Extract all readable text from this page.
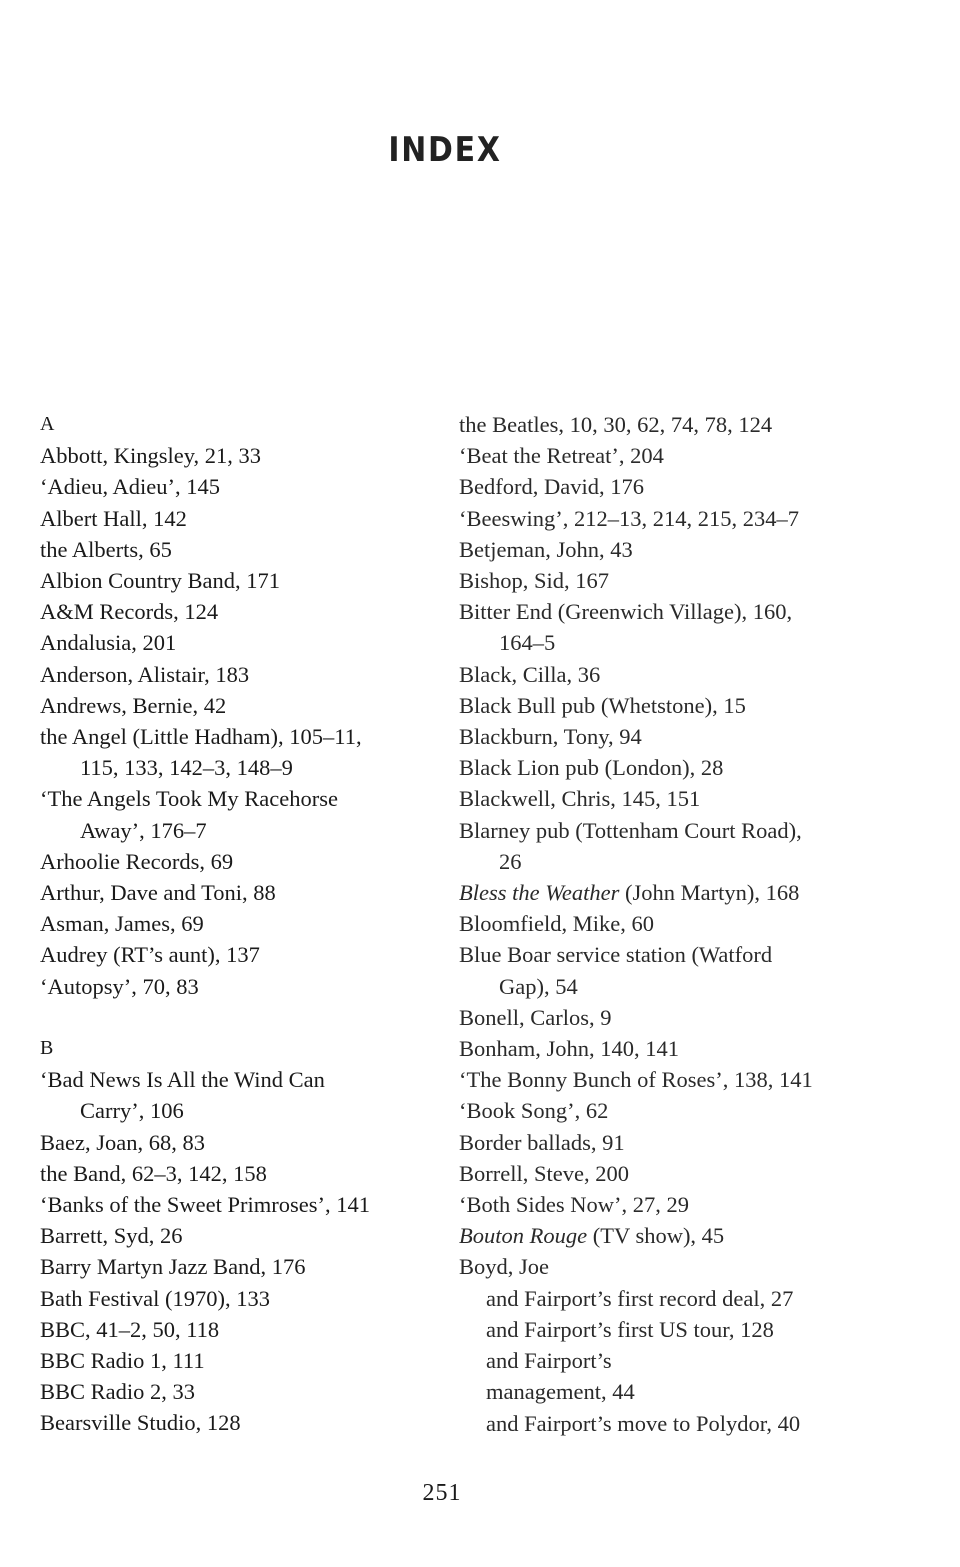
INDEX
A
Abbott, Kingsley, 21, 33
‘Adieu, Adieu’, 145
Albert Hall, 142
the Alberts, 65
Albion Country Band, 171
A&M Records, 124
Andalusia, 201
Anderson, Alistair, 183
Andrews, Bernie, 42
the Angel (Little Hadham), 105–11,
115, 133, 142–3, 148–9
‘The Angels Took My Racehorse
Away’, 176–7
Arhoolie Records, 69
Arthur, Dave and Toni, 88
Asman, James, 69
Audrey (RT’s aunt), 137
‘Autopsy’, 70, 83
B
‘Bad News Is All the Wind Can
Carry’, 106
Baez, Joan, 68, 83
the Band, 62–3, 142, 158
‘Banks of the Sweet Primroses’, 141
Barrett, Syd, 26
Barry Martyn Jazz Band, 176
Bath Festival (1970), 133
BBC, 41–2, 50, 118
BBC Radio 1, 111
BBC Radio 2, 33
Bearsville Studio, 128
the Beatles, 10, 30, 62, 74, 78, 124
‘Beat the Retreat’, 204
Bedford, David, 176
‘Beeswing’, 212–13, 214, 215, 234–7
Betjeman, John, 43
Bishop, Sid, 167
Bitter End (Greenwich Village), 160,
164–5
Black, Cilla, 36
Black Bull pub (Whetstone), 15
Blackburn, Tony, 94
Black Lion pub (London), 28
Blackwell, Chris, 145, 151
Blarney pub (Tottenham Court Road),
26
Bless the Weather (John Martyn), 168
Bloomfield, Mike, 60
Blue Boar service station (Watford
Gap), 54
Bonell, Carlos, 9
Bonham, John, 140, 141
‘The Bonny Bunch of Roses’, 138, 141
‘Book Song’, 62
Border ballads, 91
Borrell, Steve, 200
‘Both Sides Now’, 27, 29
Bouton Rouge (TV show), 45
Boyd, Joe
and Fairport’s first record deal, 27
and Fairport’s first US tour, 128
and Fairport’s
management, 44
and Fairport’s move to Polydor, 40
251
